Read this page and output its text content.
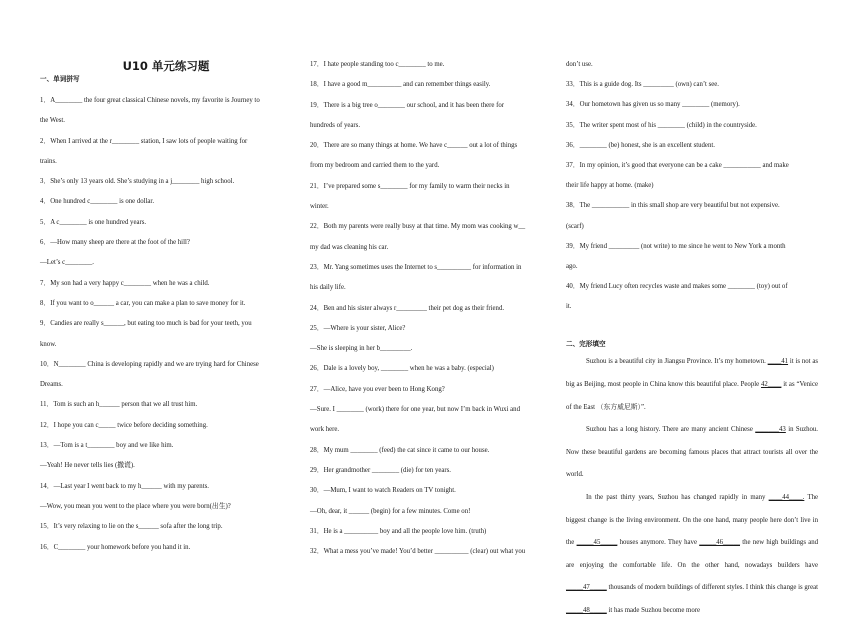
U10 单元练习题
一、单词拼写
1．A________ the four great classical Chinese novels, my favorite is Journey to
the West.
2．When I arrived at the r________ station, I saw lots of people waiting for
trains.
3．She’s only 13 years old. She’s studying in a j________ high school.
4．One hundred c________ is one dollar.
5．A c________ is one hundred years.
6．—How many sheep are there at the foot of the hill?
—Let’s c________.
7．My son had a very happy c________ when he was a child.
8．If you want to o______ a car, you can make a plan to save money for it.
9．Candies are really s______, but eating too much is bad for your teeth, you
know.
10．N________ China is developing rapidly and we are trying hard for Chinese
Dreams.
11．Tom is such an h______ person that we all trust him.
12．I hope you can c_____ twice before deciding something.
13．—Tom is a t________ boy and we like him.
—Yeah! He never tells lies (撒谎).
14．—Last year I went back to my h______ with my parents.
—Wow, you mean you went to the place where you were born(出生)?
15．It’s very relaxing to lie on the s______ sofa after the long trip.
16．C________ your homework before you hand it in.
17．I hate people standing too c________ to me.
18．I have a good m__________ and can remember things easily.
19．There is a big tree o________ our school, and it has been there for
hundreds of years.
20．There are so many things at home. We have c______ out a lot of things
from my bedroom and carried them to the yard.
21．I’ve prepared some s________ for my family to warm their necks in
winter.
22．Both my parents were really busy at that time. My mom was cooking w__
my dad was cleaning his car.
23．Mr. Yang sometimes uses the Internet to s__________ for information in
his daily life.
24．Ben and his sister always r_________ their pet dog as their friend.
25．—Where is your sister, Alice?
—She is sleeping in her b_________.
26．Dale is a lovely boy, ________ when he was a baby. (especial)
27．—Alice, have you ever been to Hong Kong?
—Sure. I ________ (work) there for one year, but now I’m back in Wuxi and
work here.
28．My mum ________ (feed) the cat since it came to our house.
29．Her grandmother ________ (die) for ten years.
30．—Mum, I want to watch Readers on TV tonight.
—Oh, dear, it ______ (begin) for a few minutes. Come on!
31．He is a __________ boy and all the people love him. (truth)
32．What a mess you’ve made! You’d better __________ (clear) out what you
don’t use.
33．This is a guide dog. Its _________ (own) can’t see.
34．Our hometown has given us so many ________ (memory).
35．The writer spent most of his ________ (child) in the countryside.
36．________ (be) honest, she is an excellent student.
37．In my opinion, it’s good that everyone can be a cake ___________ and make
their life happy at home. (make)
38．The ___________ in this small shop are very beautiful but not expensive.
(scarf)
39．My friend _________ (not write) to me since he went to New York a month
ago.
40．My friend Lucy often recycles waste and makes some ________ (toy) out of
it.
二、完形填空

Suzhou is a beautiful city in Jiangsu Province. It’s my hometown. ____41 it is not as big as Beijing, most people in China know this beautiful place. People 42____ it as “Venice of the East （东方威尼斯）”.

Suzhou has a long history. There are many ancient Chinese _______43 in Suzhou. Now these beautiful gardens are becoming famous places that attract tourists all over the world.

In the past thirty years, Suzhou has changed rapidly in many ____44____. The biggest change is the living environment. On the one hand, many people here don’t live in the _____45_____ houses anymore. They have _____46_____ the new high buildings and are enjoying the comfortable life. On the other hand, nowadays builders have _____47_____ thousands of modern buildings of different styles. I think this change is great _____48_____ it has made Suzhou become more
